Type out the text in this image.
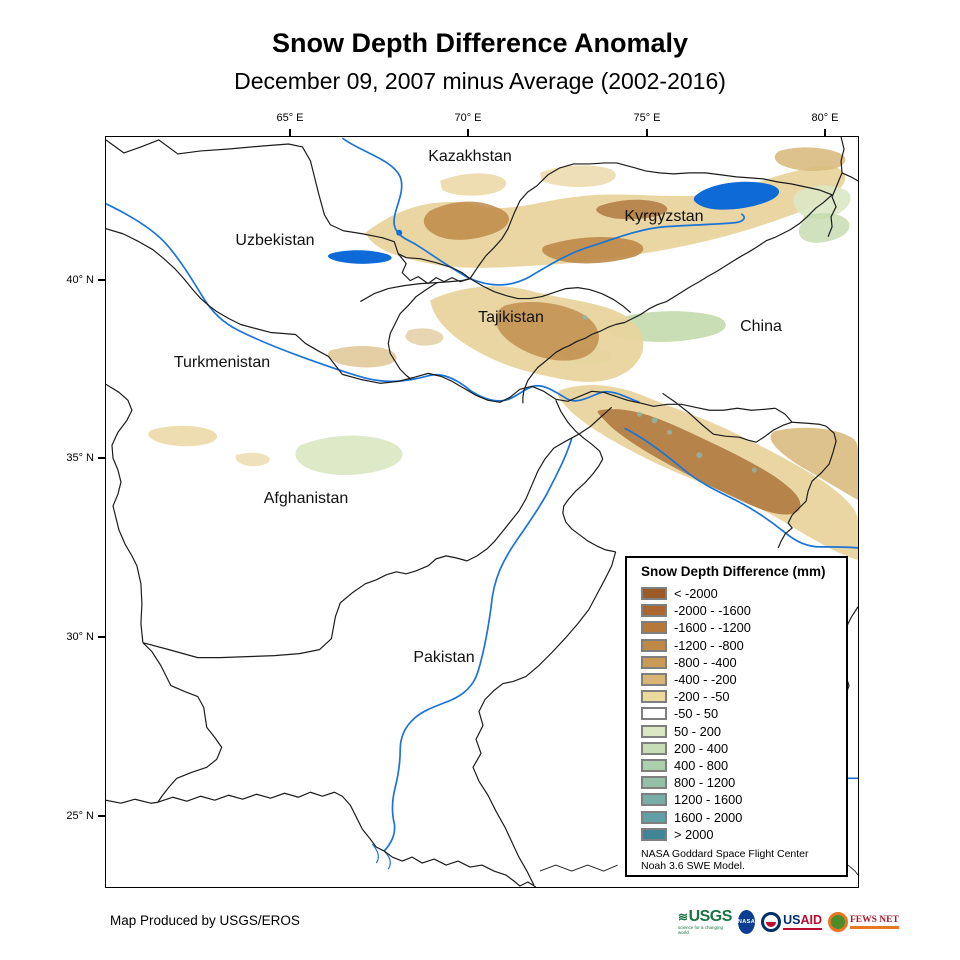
Snow Depth Difference Anomaly
December 09, 2007 minus Average (2002-2016)
65° E	70° E	75° E	80° E
40° N
35° N
30° N
25° N
Kazakhstan
Uzbekistan
Kyrgyzstan
Tajikistan
China
Turkmenistan
Afghanistan
Pakistan
Snow Depth Difference (mm)
< -2000
-2000 - -1600
-1600 - -1200
-1200 - -800
-800 - -400
-400 - -200
-200 - -50
-50 - 50
50 - 200
200 - 400
400 - 800
800 - 1200
1200 - 1600
1600 - 2000
> 2000
NASA Goddard Space Flight Center
Noah 3.6 SWE Model.
Map Produced by USGS/EROS	≋ USGS
science for a changing world
NASA USAID	FEWS NET
